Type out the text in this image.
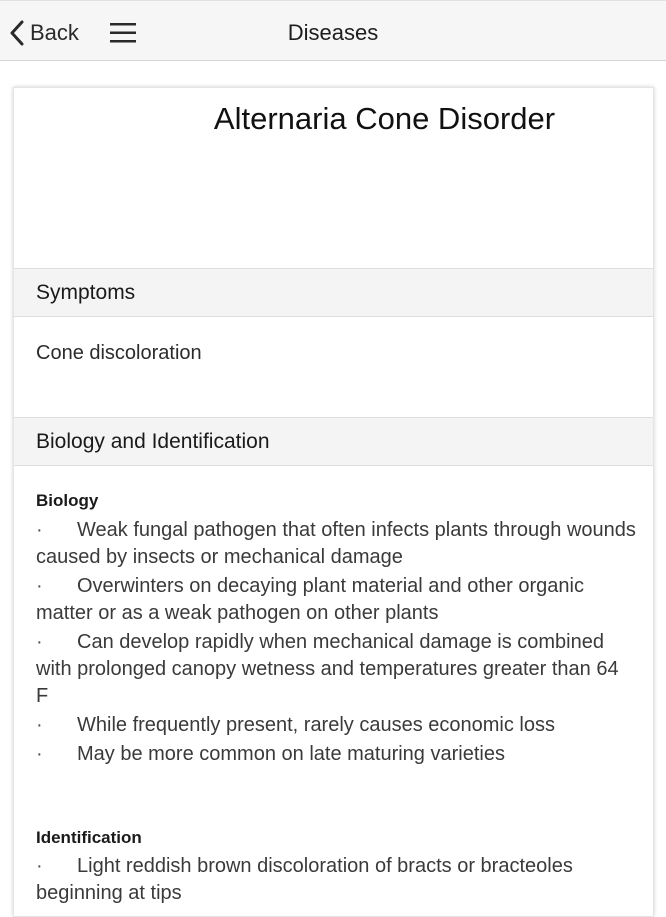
Back	Diseases
Alternaria Cone Disorder
Symptoms
Cone discoloration
Biology and Identification
Biology
· Weak fungal pathogen that often infects plants through wounds caused by insects or mechanical damage
· Overwinters on decaying plant material and other organic matter or as a weak pathogen on other plants
· Can develop rapidly when mechanical damage is combined with prolonged canopy wetness and temperatures greater than 64 F
· While frequently present, rarely causes economic loss
· May be more common on late maturing varieties
Identification
· Light reddish brown discoloration of bracts or bracteoles beginning at tips
